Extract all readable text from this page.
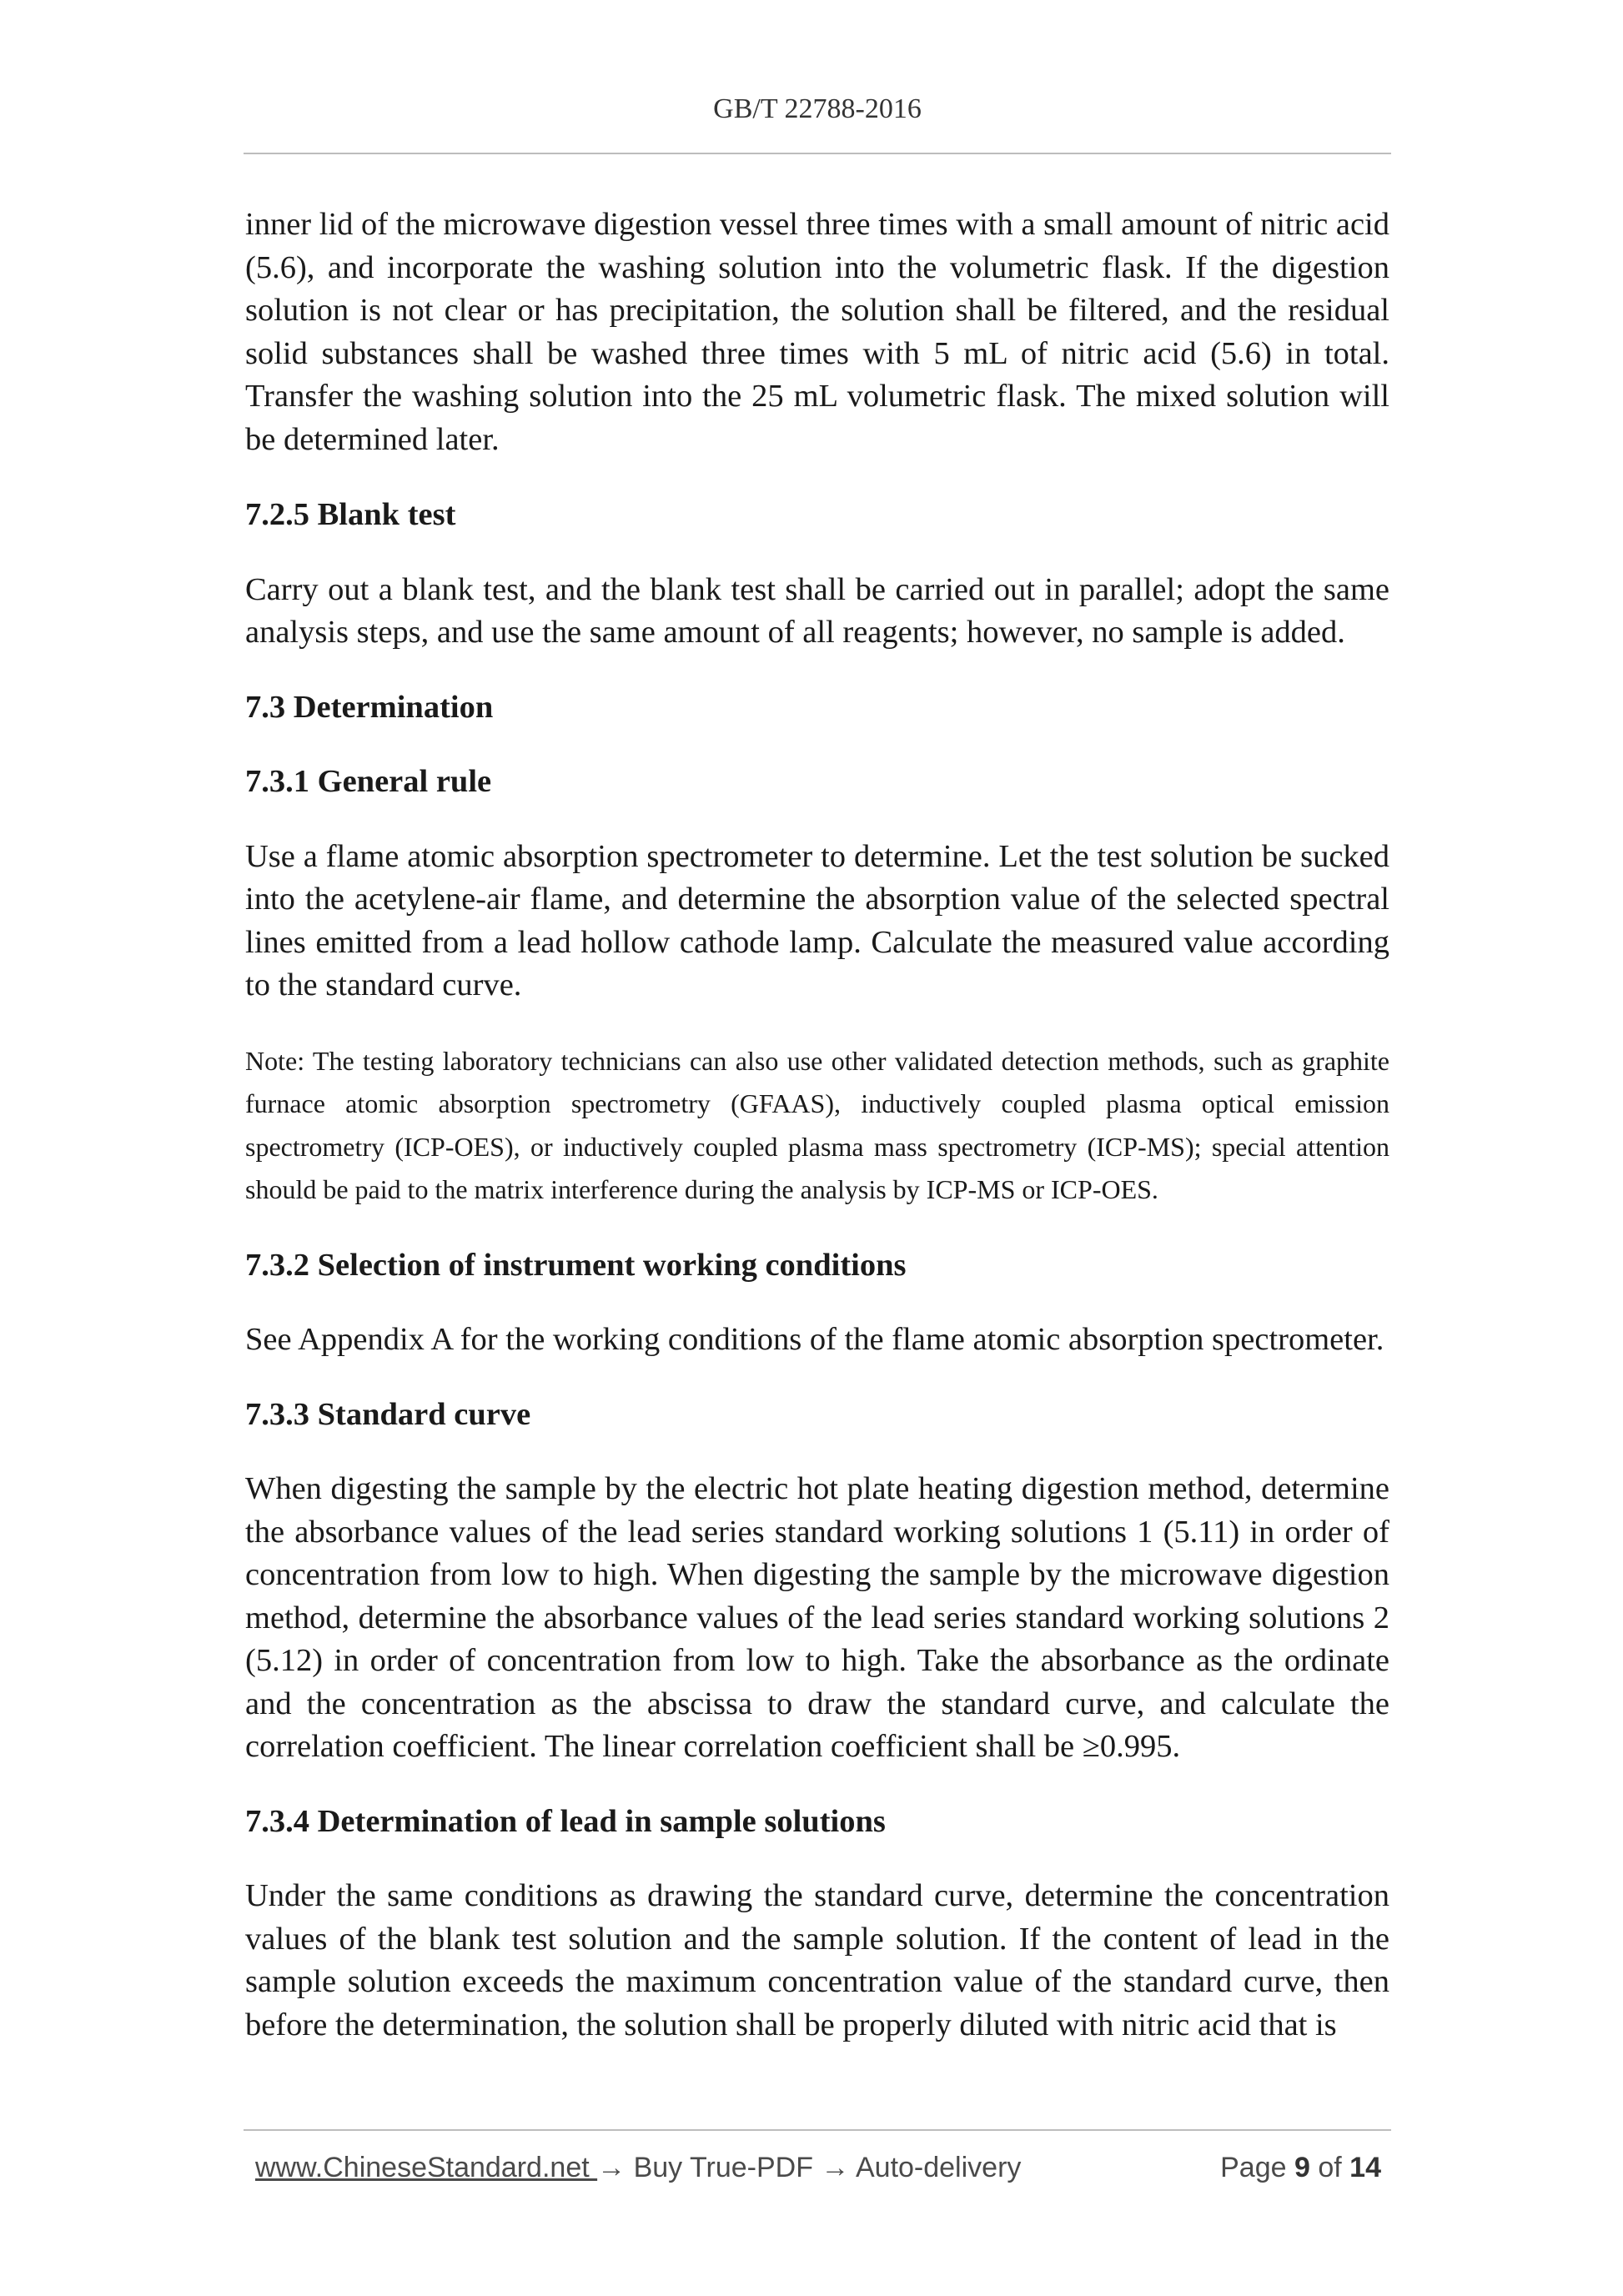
GB/T 22788-2016

inner lid of the microwave digestion vessel three times with a small amount of nitric acid (5.6), and incorporate the washing solution into the volumetric flask. If the digestion solution is not clear or has precipitation, the solution shall be filtered, and the residual solid substances shall be washed three times with 5 mL of nitric acid (5.6) in total. Transfer the washing solution into the 25 mL volumetric flask. The mixed solution will be determined later.

7.2.5 Blank test

Carry out a blank test, and the blank test shall be carried out in parallel; adopt the same analysis steps, and use the same amount of all reagents; however, no sample is added.

7.3 Determination

7.3.1 General rule

Use a flame atomic absorption spectrometer to determine. Let the test solution be sucked into the acetylene-air flame, and determine the absorption value of the selected spectral lines emitted from a lead hollow cathode lamp. Calculate the measured value according to the standard curve.

Note: The testing laboratory technicians can also use other validated detection methods, such as graphite furnace atomic absorption spectrometry (GFAAS), inductively coupled plasma optical emission spectrometry (ICP-OES), or inductively coupled plasma mass spectrometry (ICP-MS); special attention should be paid to the matrix interference during the analysis by ICP-MS or ICP-OES.

7.3.2 Selection of instrument working conditions

See Appendix A for the working conditions of the flame atomic absorption spectrometer.

7.3.3 Standard curve

When digesting the sample by the electric hot plate heating digestion method, determine the absorbance values of the lead series standard working solutions 1 (5.11) in order of concentration from low to high. When digesting the sample by the microwave digestion method, determine the absorbance values of the lead series standard working solutions 2 (5.12) in order of concentration from low to high. Take the absorbance as the ordinate and the concentration as the abscissa to draw the standard curve, and calculate the correlation coefficient. The linear correlation coefficient shall be ≥0.995.

7.3.4 Determination of lead in sample solutions

Under the same conditions as drawing the standard curve, determine the concentration values of the blank test solution and the sample solution. If the content of lead in the sample solution exceeds the maximum concentration value of the standard curve, then before the determination, the solution shall be properly diluted with nitric acid that is

www.ChineseStandard.net → Buy True-PDF → Auto-delivery	Page 9 of 14
